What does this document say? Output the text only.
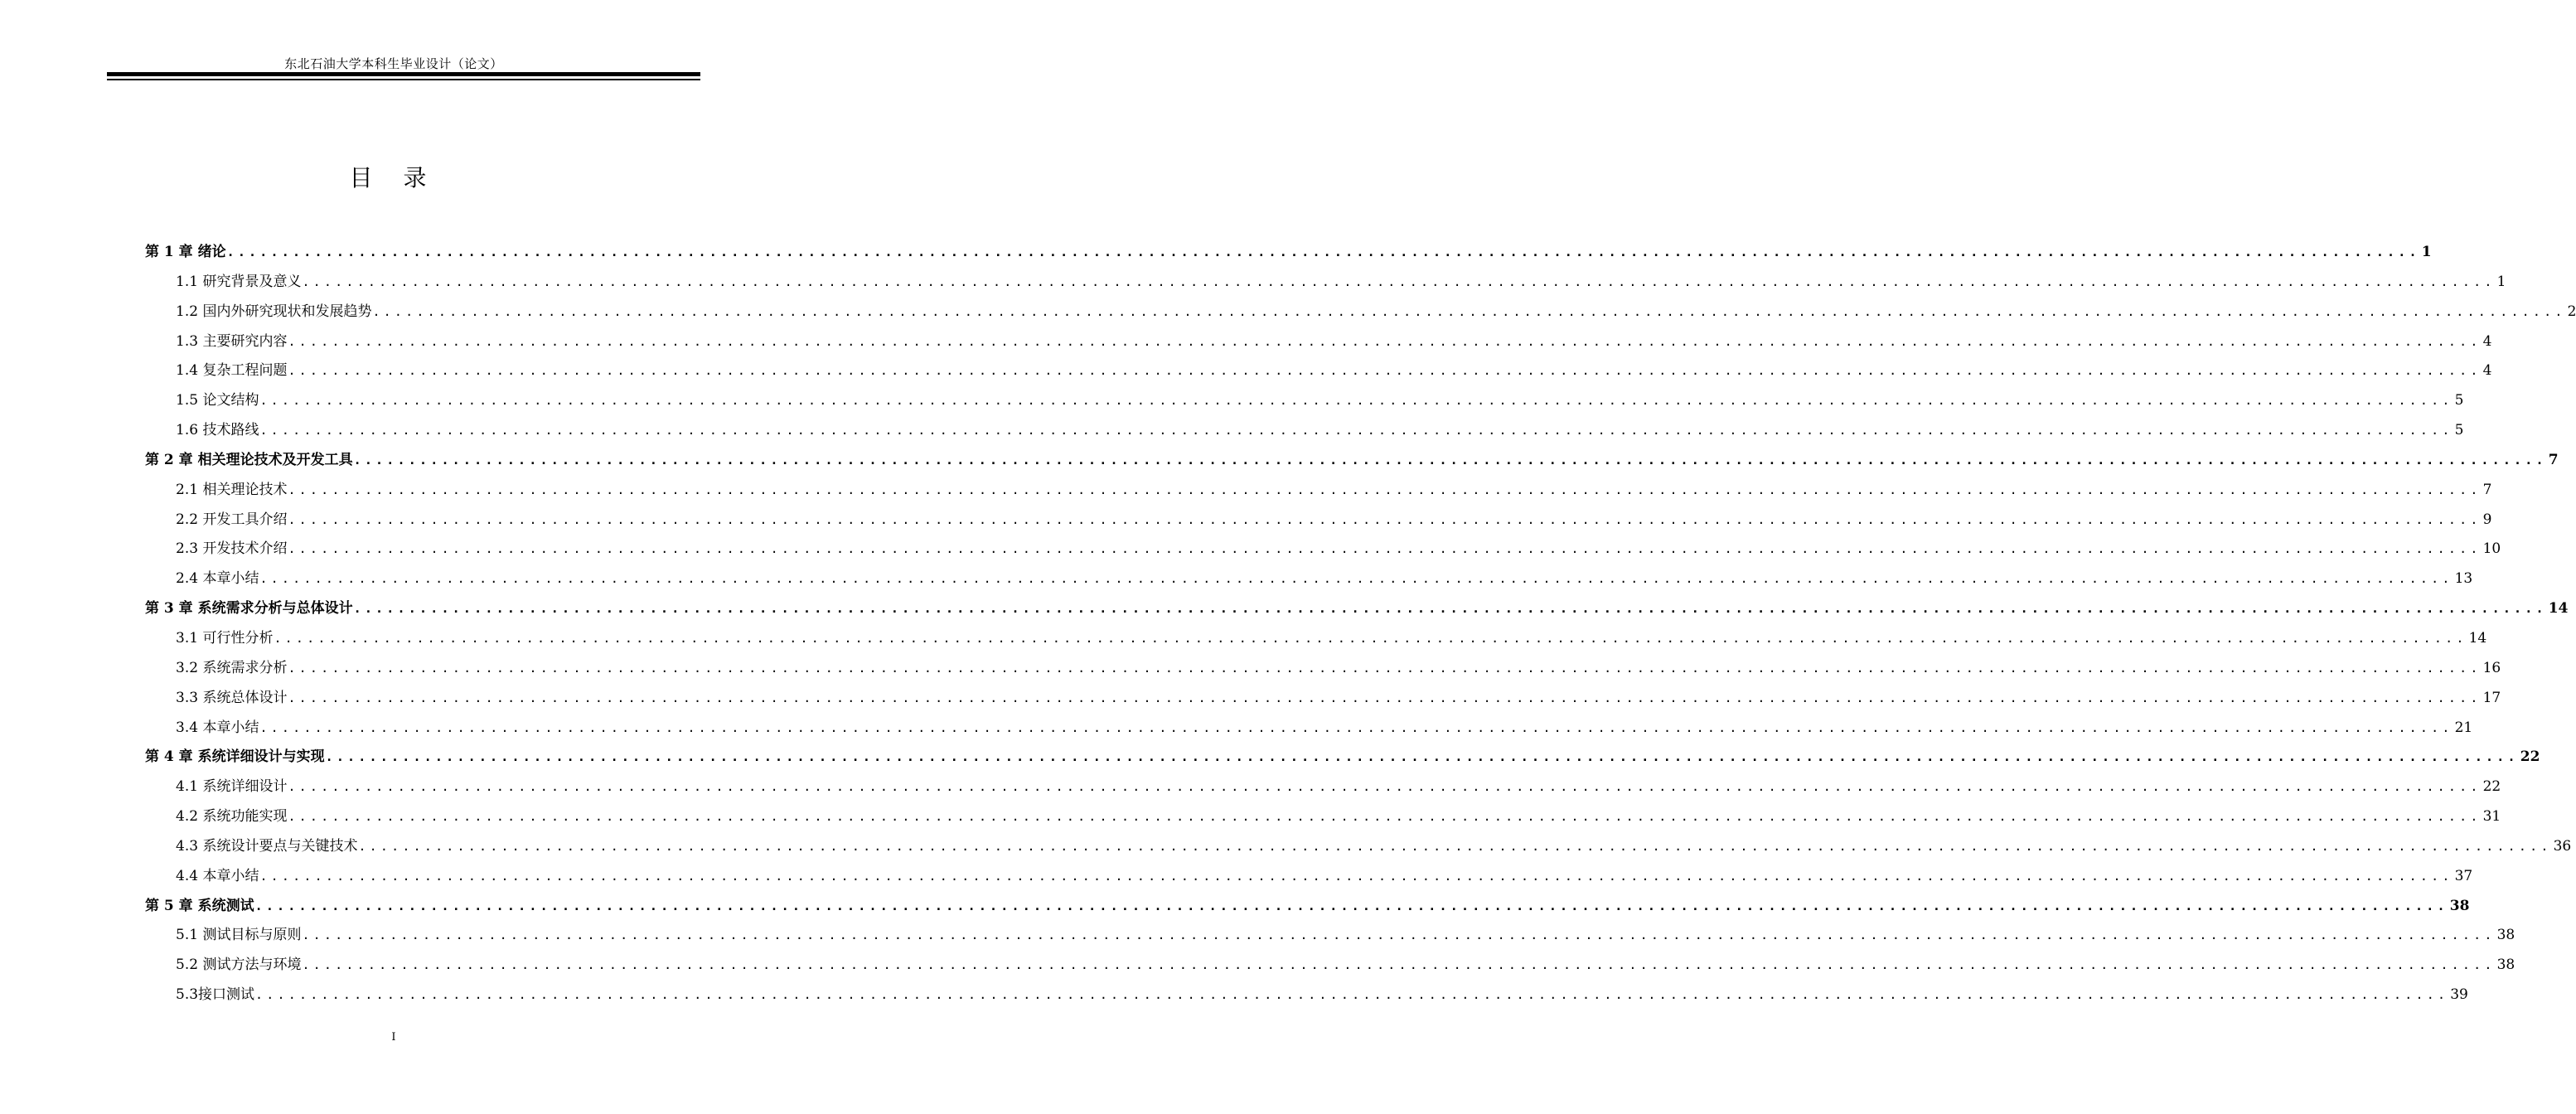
东北石油大学本科生毕业设计（论文）
目 录
第 1 章 绪论 ........................................................................................................................................................................................................ 1
1.1 研究背景及意义 ........................................................................................................................................................................................................ 1
1.2 国内外研究现状和发展趋势 ........................................................................................................................................................................................................ 2
1.3 主要研究内容 ........................................................................................................................................................................................................ 4
1.4 复杂工程问题 ........................................................................................................................................................................................................ 4
1.5 论文结构 ........................................................................................................................................................................................................ 5
1.6 技术路线 ........................................................................................................................................................................................................ 5
第 2 章 相关理论技术及开发工具 ........................................................................................................................................................................................................ 7
2.1 相关理论技术 ........................................................................................................................................................................................................ 7
2.2 开发工具介绍 ........................................................................................................................................................................................................ 9
2.3 开发技术介绍 ........................................................................................................................................................................................................ 10
2.4 本章小结 ........................................................................................................................................................................................................ 13
第 3 章 系统需求分析与总体设计 ........................................................................................................................................................................................................ 14
3.1 可行性分析 ........................................................................................................................................................................................................ 14
3.2 系统需求分析 ........................................................................................................................................................................................................ 16
3.3 系统总体设计 ........................................................................................................................................................................................................ 17
3.4 本章小结 ........................................................................................................................................................................................................ 21
第 4 章 系统详细设计与实现 ........................................................................................................................................................................................................ 22
4.1 系统详细设计 ........................................................................................................................................................................................................ 22
4.2 系统功能实现 ........................................................................................................................................................................................................ 31
4.3 系统设计要点与关键技术 ........................................................................................................................................................................................................ 36
4.4 本章小结 ........................................................................................................................................................................................................ 37
第 5 章 系统测试 ........................................................................................................................................................................................................ 38
5.1 测试目标与原则 ........................................................................................................................................................................................................ 38
5.2 测试方法与环境 ........................................................................................................................................................................................................ 38
5.3接口测试 ........................................................................................................................................................................................................ 39
I
